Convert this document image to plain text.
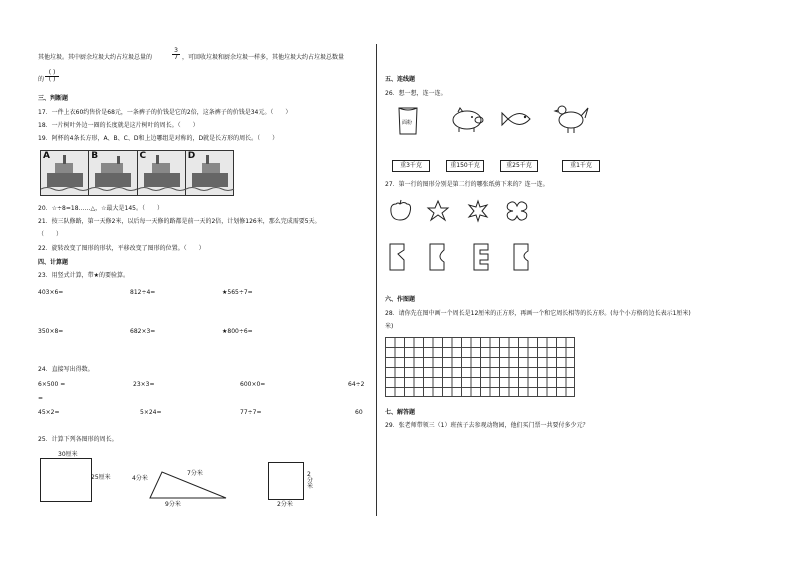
其他垃圾。其中厨余垃圾大约占垃圾总量的	$\frac{3}{7}$ ，可回收垃圾和厨余垃圾一样多，其他垃圾大约占垃圾总数量
的
( )
( )
三、判断题
17．一件上衣60约售价是68元，一条裤子的价钱是它的2倍，这条裤子的价钱是34元。（　　）
18．一片树叶外边一圈的长度就是这片树叶的周长。（　　）
19．阿杯的4条长方形，A、B、C、D和上边哪组是对称的，D就是长方形的周长。（　　）
A	B	C	D
20．☆÷8=18……△，☆最大是145。（　　）
21．按三队修路，第一天修2米，以后每一天修的路都是前一天的2倍，计划修126米，那么完成需要5天。
（　　）
22．旋转改变了图形的形状，平移改变了图形的位置。（　　）
四、计算题
23．用竖式计算，带★的要验算。
403×6=	812÷4=	★565÷7=
350×8=	682×3=	★800÷6=
24．直接写出得数。
6×500 =	23×3=	600×0=	64÷2
=
45×2=	5×24=	77÷7=	60
25．计算下列各图形的周长。
30厘米
25厘米	4分米
7分米
9分米
2分米
2分米
五、连线题
26．想一想，连一连。
面粉
重3千克	重150千克	重25千克	重1千克
27．第一行的图形分别是第二行的哪张纸剪下来的？连一连。
六、作图题
28．请你先在图中画一个周长是12厘米的正方形，再画一个和它周长相等的长方形。(每个小方格的边长表示1厘米)
米)
七、解答题
29．张老师带领三（1）班孩子去参观动物园，他们买门票一共要付多少元？
